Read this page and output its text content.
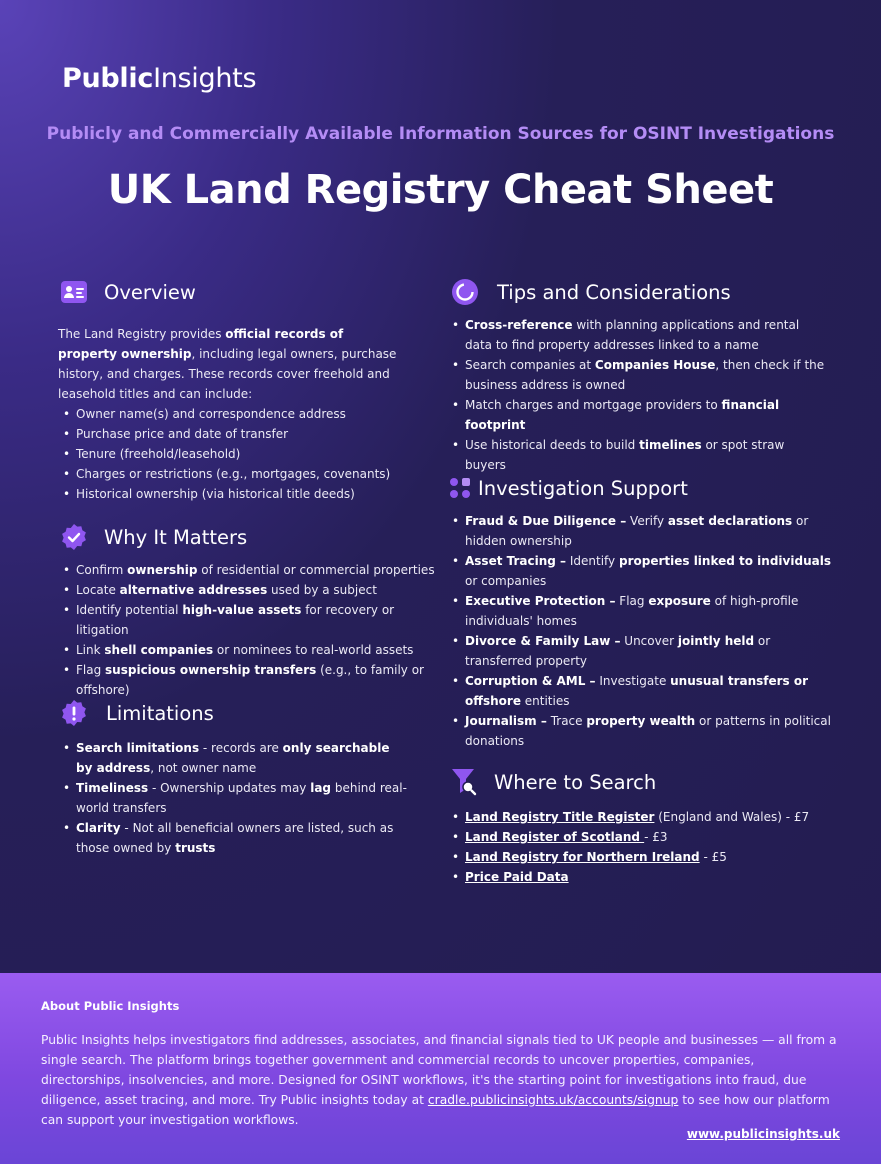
PublicInsights
Publicly and Commercially Available Information Sources for OSINT Investigations
UK Land Registry Cheat Sheet
Overview
The Land Registry provides official records of property ownership, including legal owners, purchase history, and charges. These records cover freehold and leasehold titles and can include:
• Owner name(s) and correspondence address
• Purchase price and date of transfer
• Tenure (freehold/leasehold)
• Charges or restrictions (e.g., mortgages, covenants)
• Historical ownership (via historical title deeds)
Why It Matters
• Confirm ownership of residential or commercial properties
• Locate alternative addresses used by a subject
• Identify potential high-value assets for recovery or litigation
• Link shell companies or nominees to real-world assets
• Flag suspicious ownership transfers (e.g., to family or offshore)
Limitations
• Search limitations - records are only searchable by address, not owner name
• Timeliness - Ownership updates may lag behind real-world transfers
• Clarity - Not all beneficial owners are listed, such as those owned by trusts
Tips and Considerations
• Cross-reference with planning applications and rental data to find property addresses linked to a name
• Search companies at Companies House, then check if the business address is owned
• Match charges and mortgage providers to financial footprint
• Use historical deeds to build timelines or spot straw buyers
Investigation Support
• Fraud & Due Diligence – Verify asset declarations or hidden ownership
• Asset Tracing – Identify properties linked to individuals or companies
• Executive Protection – Flag exposure of high-profile individuals' homes
• Divorce & Family Law – Uncover jointly held or transferred property
• Corruption & AML – Investigate unusual transfers or offshore entities
• Journalism – Trace property wealth or patterns in political donations
Where to Search
• Land Registry Title Register (England and Wales) - £7
• Land Register of Scotland - £3
• Land Registry for Northern Ireland - £5
• Price Paid Data
About Public Insights
Public Insights helps investigators find addresses, associates, and financial signals tied to UK people and businesses — all from a single search. The platform brings together government and commercial records to uncover properties, companies, directorships, insolvencies, and more. Designed for OSINT workflows, it's the starting point for investigations into fraud, due diligence, asset tracing, and more. Try Public insights today at cradle.publicinsights.uk/accounts/signup to see how our platform can support your investigation workflows.
www.publicinsights.uk
